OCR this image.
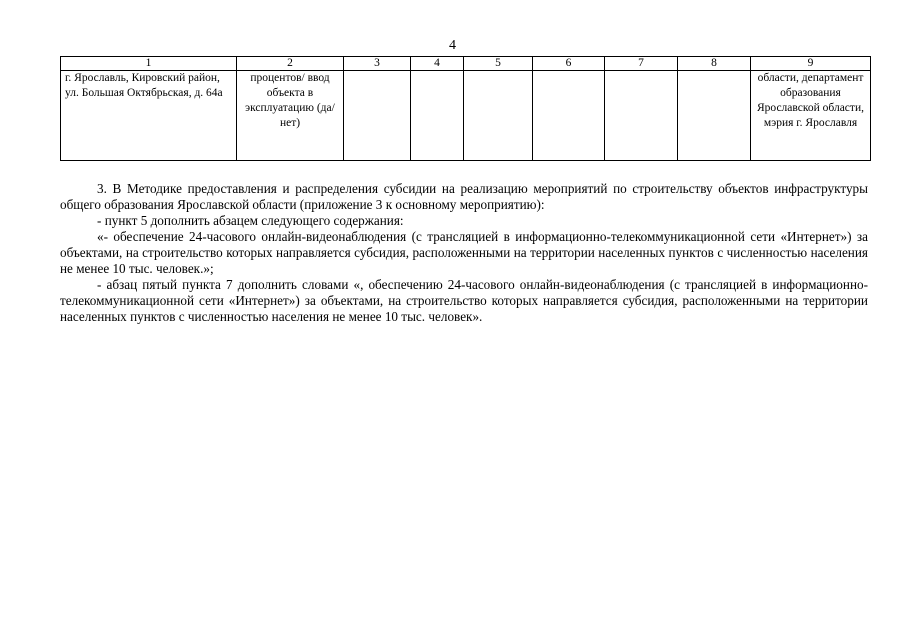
4
1	2	3	4	5	6	7	8	9
г. Ярославль, Кировский район, ул. Большая Октябрьская, д. 64а	процентов/ ввод объекта в эксплуатацию (да/нет)							области, департамент образования Ярославской области, мэрия г. Ярославля

3. В Методике предоставления и распределения субсидии на реализацию мероприятий по строительству объектов инфраструктуры общего образования Ярославской области (приложение 3 к основному мероприятию):

- пункт 5 дополнить абзацем следующего содержания:

«- обеспечение 24-часового онлайн-видеонаблюдения (с трансляцией в информационно-телекоммуникационной сети «Интернет») за объектами, на строительство которых направляется субсидия, расположенными на территории населенных пунктов с численностью населения не менее 10 тыс. человек.»;

- абзац пятый пункта 7 дополнить словами «, обеспечению 24-часового онлайн-видеонаблюдения (с трансляцией в информационно-телекоммуникационной сети «Интернет») за объектами, на строительство которых направляется субсидия, расположенными на территории населенных пунктов с численностью населения не менее 10 тыс. человек».
